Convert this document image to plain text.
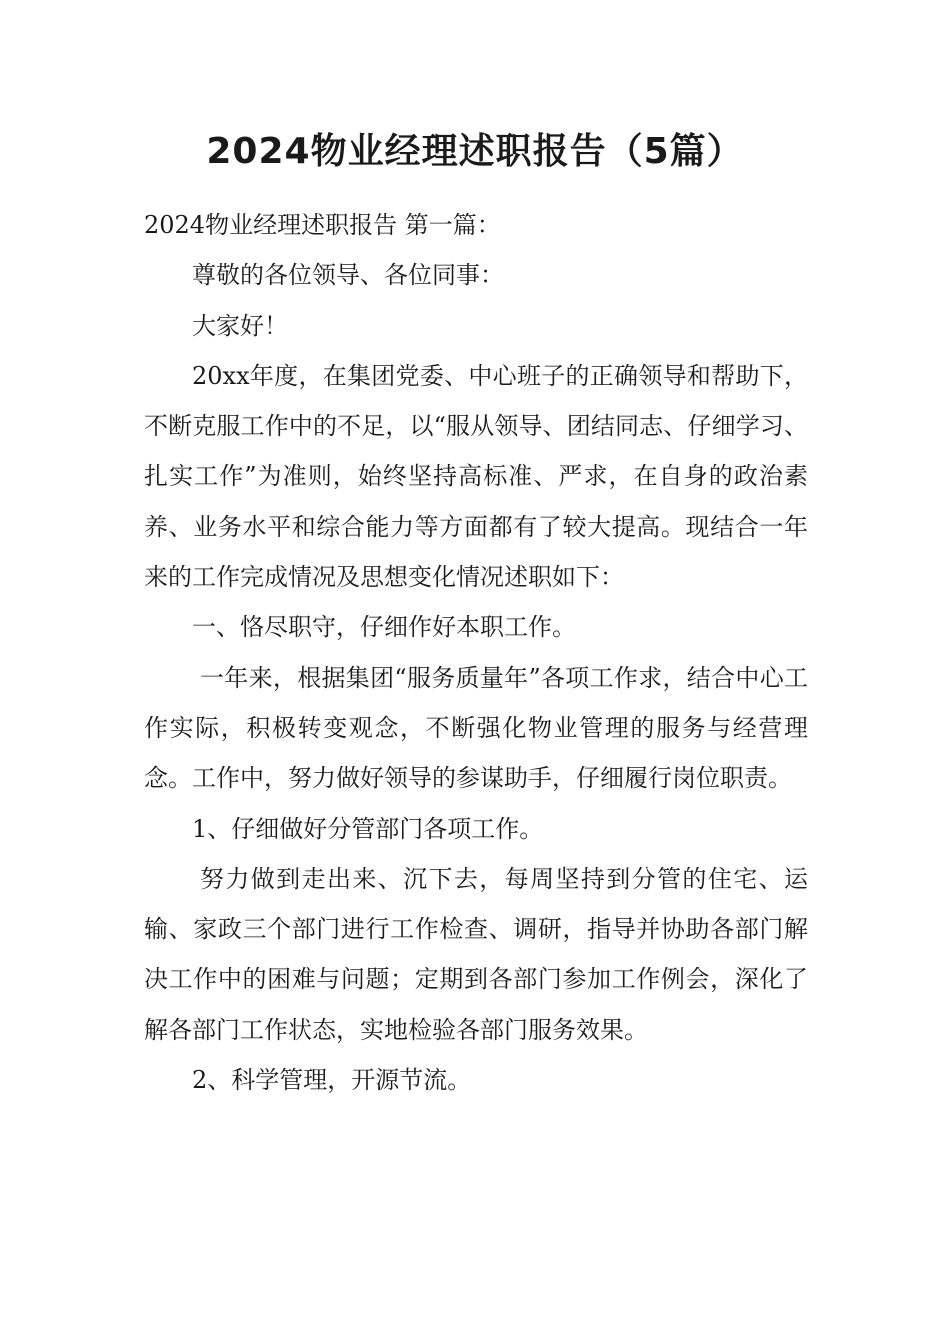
2024物业经理述职报告（5篇）

2024物业经理述职报告 第一篇：

尊敬的各位领导、各位同事：

大家好！

20xx年度，在集团党委、中心班子的正确领导和帮助下，不断克服工作中的不足，以“服从领导、团结同志、仔细学习、扎实工作”为准则，始终坚持高标准、严求，在自身的政治素养、业务水平和综合能力等方面都有了较大提高。现结合一年来的工作完成情况及思想变化情况述职如下：

一、恪尽职守，仔细作好本职工作。

一年来，根据集团“服务质量年”各项工作求，结合中心工作实际，积极转变观念，不断强化物业管理的服务与经营理念。工作中，努力做好领导的参谋助手，仔细履行岗位职责。

1、仔细做好分管部门各项工作。

努力做到走出来、沉下去，每周坚持到分管的住宅、运输、家政三个部门进行工作检查、调研，指导并协助各部门解决工作中的困难与问题；定期到各部门参加工作例会，深化了解各部门工作状态，实地检验各部门服务效果。

2、科学管理，开源节流。
